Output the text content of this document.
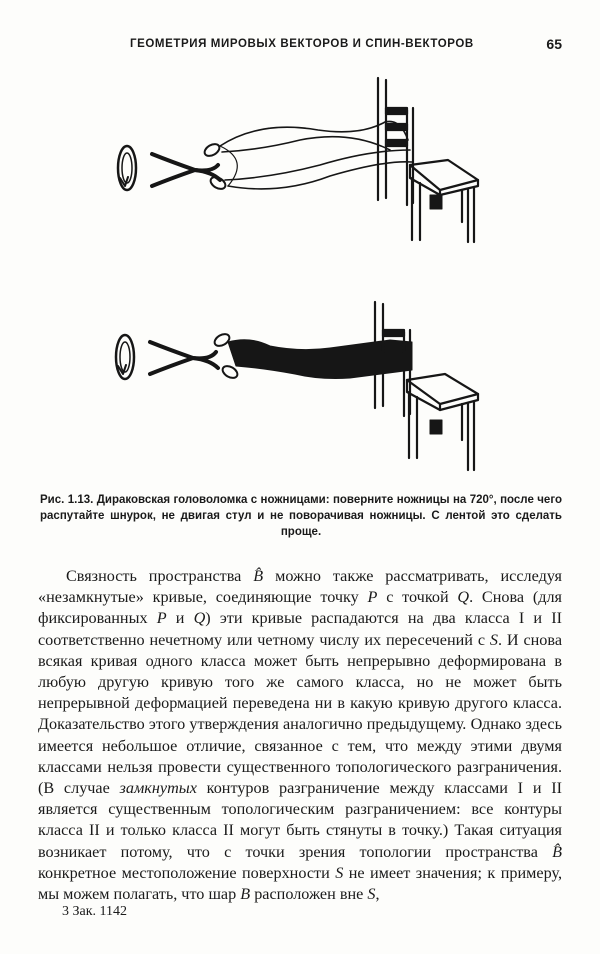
ГЕОМЕТРИЯ МИРОВЫХ ВЕКТОРОВ И СПИН-ВЕКТОРОВ	65
Рис. 1.13. Дираковская головоломка с ножницами: поверните ножницы на 720°, после чего распутайте шнурок, не двигая стул и не поворачивая ножницы. С лентой это сделать проще.

Связность пространства B̂ можно также рассматривать, исследуя «незамкнутые» кривые, соединяющие точку P с точкой Q. Снова (для фиксированных P и Q) эти кривые распадаются на два класса I и II соответственно нечетному или четному числу их пересечений с S. И снова всякая кривая одного класса может быть непрерывно деформирована в любую другую кривую того же самого класса, но не может быть непрерывной деформацией переведена ни в какую кривую другого класса. Доказательство этого утверждения аналогично предыдущему. Однако здесь имеется небольшое отличие, связанное с тем, что между этими двумя классами нельзя провести существенного топологического разграничения. (В случае замкнутых контуров разграничение между классами I и II является существенным топологическим разграничением: все контуры класса II и только класса II могут быть стянуты в точку.) Такая ситуация возникает потому, что с точки зрения топологии пространства B̂ конкретное местоположение поверхности S не имеет значения; к примеру, мы можем полагать, что шар B расположен вне S,

3 Зак. 1142
